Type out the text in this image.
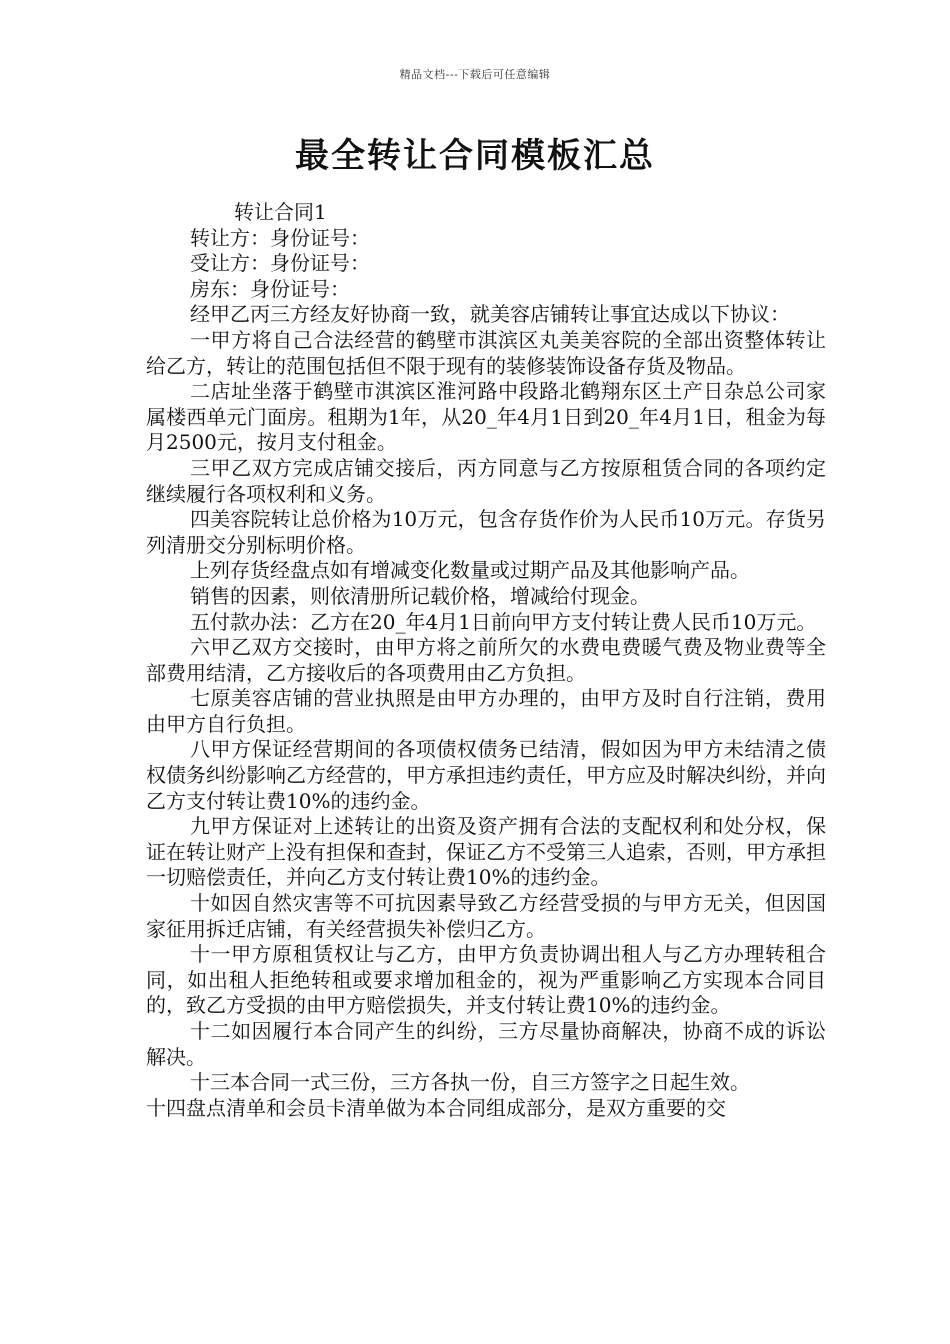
精品文档---下载后可任意编辑
最全转让合同模板汇总

转让合同1

转让方：身份证号：

受让方：身份证号：

房东：身份证号：

经甲乙丙三方经友好协商一致，就美容店铺转让事宜达成以下协议：

一甲方将自己合法经营的鹤壁市淇滨区丸美美容院的全部出资整体转让给乙方，转让的范围包括但不限于现有的装修装饰设备存货及物品。

二店址坐落于鹤壁市淇滨区淮河路中段路北鹤翔东区土产日杂总公司家属楼西单元门面房。租期为1年，从20_年4月1日到20_年4月1日，租金为每月2500元，按月支付租金。

三甲乙双方完成店铺交接后，丙方同意与乙方按原租赁合同的各项约定继续履行各项权利和义务。

四美容院转让总价格为10万元，包含存货作价为人民币10万元。存货另列清册交分别标明价格。

上列存货经盘点如有增减变化数量或过期产品及其他影响产品。

销售的因素，则依清册所记载价格，增减给付现金。

五付款办法：乙方在20_年4月1日前向甲方支付转让费人民币10万元。

六甲乙双方交接时，由甲方将之前所欠的水费电费暖气费及物业费等全部费用结清，乙方接收后的各项费用由乙方负担。

七原美容店铺的营业执照是由甲方办理的，由甲方及时自行注销，费用由甲方自行负担。

八甲方保证经营期间的各项债权债务已结清，假如因为甲方未结清之债权债务纠纷影响乙方经营的，甲方承担违约责任，甲方应及时解决纠纷，并向乙方支付转让费10%的违约金。

九甲方保证对上述转让的出资及资产拥有合法的支配权利和处分权，保证在转让财产上没有担保和查封，保证乙方不受第三人追索，否则，甲方承担一切赔偿责任，并向乙方支付转让费10%的违约金。

十如因自然灾害等不可抗因素导致乙方经营受损的与甲方无关，但因国家征用拆迁店铺，有关经营损失补偿归乙方。

十一甲方原租赁权让与乙方，由甲方负责协调出租人与乙方办理转租合同，如出租人拒绝转租或要求增加租金的，视为严重影响乙方实现本合同目的，致乙方受损的由甲方赔偿损失，并支付转让费10%的违约金。

十二如因履行本合同产生的纠纷，三方尽量协商解决，协商不成的诉讼解决。

十三本合同一式三份，三方各执一份，自三方签字之日起生效。

十四盘点清单和会员卡清单做为本合同组成部分，是双方重要的交
